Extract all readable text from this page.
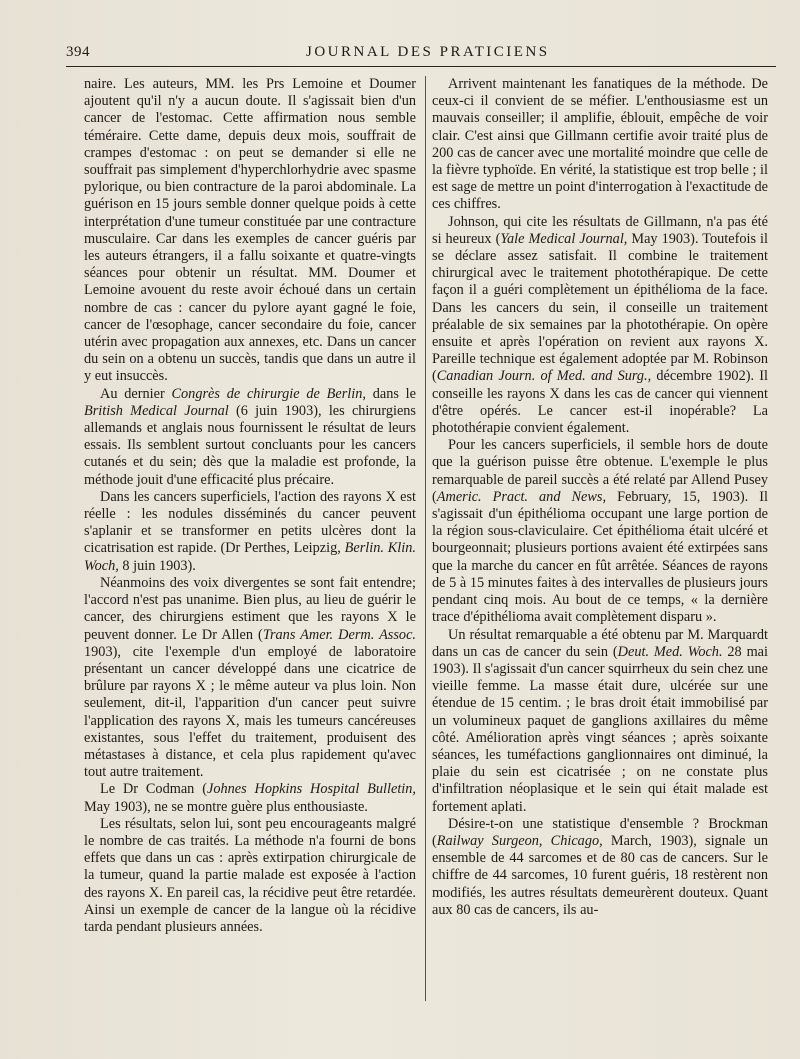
394	JOURNAL DES PRATICIENS

naire. Les auteurs, MM. les Prs Lemoine et Doumer ajoutent qu'il n'y a aucun doute. Il s'agissait bien d'un cancer de l'estomac. Cette affirmation nous semble téméraire. Cette dame, depuis deux mois, souffrait de crampes d'estomac : on peut se demander si elle ne souffrait pas simplement d'hyperchlorhydrie avec spasme pylorique, ou bien contracture de la paroi abdominale. La guérison en 15 jours semble donner quelque poids à cette interprétation d'une tumeur constituée par une contracture musculaire. Car dans les exemples de cancer guéris par les auteurs étrangers, il a fallu soixante et quatre-vingts séances pour obtenir un résultat. MM. Doumer et Lemoine avouent du reste avoir échoué dans un certain nombre de cas : cancer du pylore ayant gagné le foie, cancer de l'œsophage, cancer secondaire du foie, cancer utérin avec propagation aux annexes, etc. Dans un cancer du sein on a obtenu un succès, tandis que dans un autre il y eut insuccès.

Au dernier Congrès de chirurgie de Berlin, dans le British Medical Journal (6 juin 1903), les chirurgiens allemands et anglais nous fournissent le résultat de leurs essais. Ils semblent surtout concluants pour les cancers cutanés et du sein; dès que la maladie est profonde, la méthode jouit d'une efficacité plus précaire.

Dans les cancers superficiels, l'action des rayons X est réelle : les nodules disséminés du cancer peuvent s'aplanir et se transformer en petits ulcères dont la cicatrisation est rapide. (Dr Perthes, Leipzig, Berlin. Klin. Woch, 8 juin 1903).

Néanmoins des voix divergentes se sont fait entendre; l'accord n'est pas unanime. Bien plus, au lieu de guérir le cancer, des chirurgiens estiment que les rayons X le peuvent donner. Le Dr Allen (Trans Amer. Derm. Assoc. 1903), cite l'exemple d'un employé de laboratoire présentant un cancer développé dans une cicatrice de brûlure par rayons X ; le même auteur va plus loin. Non seulement, dit-il, l'apparition d'un cancer peut suivre l'application des rayons X, mais les tumeurs cancéreuses existantes, sous l'effet du traitement, produisent des métastases à distance, et cela plus rapidement qu'avec tout autre traitement.

Le Dr Codman (Johnes Hopkins Hospital Bulletin, May 1903), ne se montre guère plus enthousiaste.

Les résultats, selon lui, sont peu encourageants malgré le nombre de cas traités. La méthode n'a fourni de bons effets que dans un cas : après extirpation chirurgicale de la tumeur, quand la partie malade est exposée à l'action des rayons X. En pareil cas, la récidive peut être retardée. Ainsi un exemple de cancer de la langue où la récidive tarda pendant plusieurs années.

Arrivent maintenant les fanatiques de la méthode. De ceux-ci il convient de se méfier. L'enthousiasme est un mauvais conseiller; il amplifie, éblouit, empêche de voir clair. C'est ainsi que Gillmann certifie avoir traité plus de 200 cas de cancer avec une mortalité moindre que celle de la fièvre typhoïde. En vérité, la statistique est trop belle ; il est sage de mettre un point d'interrogation à l'exactitude de ces chiffres.

Johnson, qui cite les résultats de Gillmann, n'a pas été si heureux (Yale Medical Journal, May 1903). Toutefois il se déclare assez satisfait. Il combine le traitement chirurgical avec le traitement photothérapique. De cette façon il a guéri complètement un épithélioma de la face. Dans les cancers du sein, il conseille un traitement préalable de six semaines par la photothérapie. On opère ensuite et après l'opération on revient aux rayons X. Pareille technique est également adoptée par M. Robinson (Canadian Journ. of Med. and Surg., décembre 1902). Il conseille les rayons X dans les cas de cancer qui viennent d'être opérés. Le cancer est-il inopérable? La photothérapie convient également.

Pour les cancers superficiels, il semble hors de doute que la guérison puisse être obtenue. L'exemple le plus remarquable de pareil succès a été relaté par Allend Pusey (Americ. Pract. and News, February, 15, 1903). Il s'agissait d'un épithélioma occupant une large portion de la région sous-claviculaire. Cet épithélioma était ulcéré et bourgeonnait; plusieurs portions avaient été extirpées sans que la marche du cancer en fût arrêtée. Séances de rayons de 5 à 15 minutes faites à des intervalles de plusieurs jours pendant cinq mois. Au bout de ce temps, « la dernière trace d'épithélioma avait complètement disparu ».

Un résultat remarquable a été obtenu par M. Marquardt dans un cas de cancer du sein (Deut. Med. Woch. 28 mai 1903). Il s'agissait d'un cancer squirrheux du sein chez une vieille femme. La masse était dure, ulcérée sur une étendue de 15 centim. ; le bras droit était immobilisé par un volumineux paquet de ganglions axillaires du même côté. Amélioration après vingt séances ; après soixante séances, les tuméfactions ganglionnaires ont diminué, la plaie du sein est cicatrisée ; on ne constate plus d'infiltration néoplasique et le sein qui était malade est fortement aplati.

Désire-t-on une statistique d'ensemble ? Brockman (Railway Surgeon, Chicago, March, 1903), signale un ensemble de 44 sarcomes et de 80 cas de cancers. Sur le chiffre de 44 sarcomes, 10 furent guéris, 18 restèrent non modifiés, les autres résultats demeurèrent douteux. Quant aux 80 cas de cancers, ils au-
